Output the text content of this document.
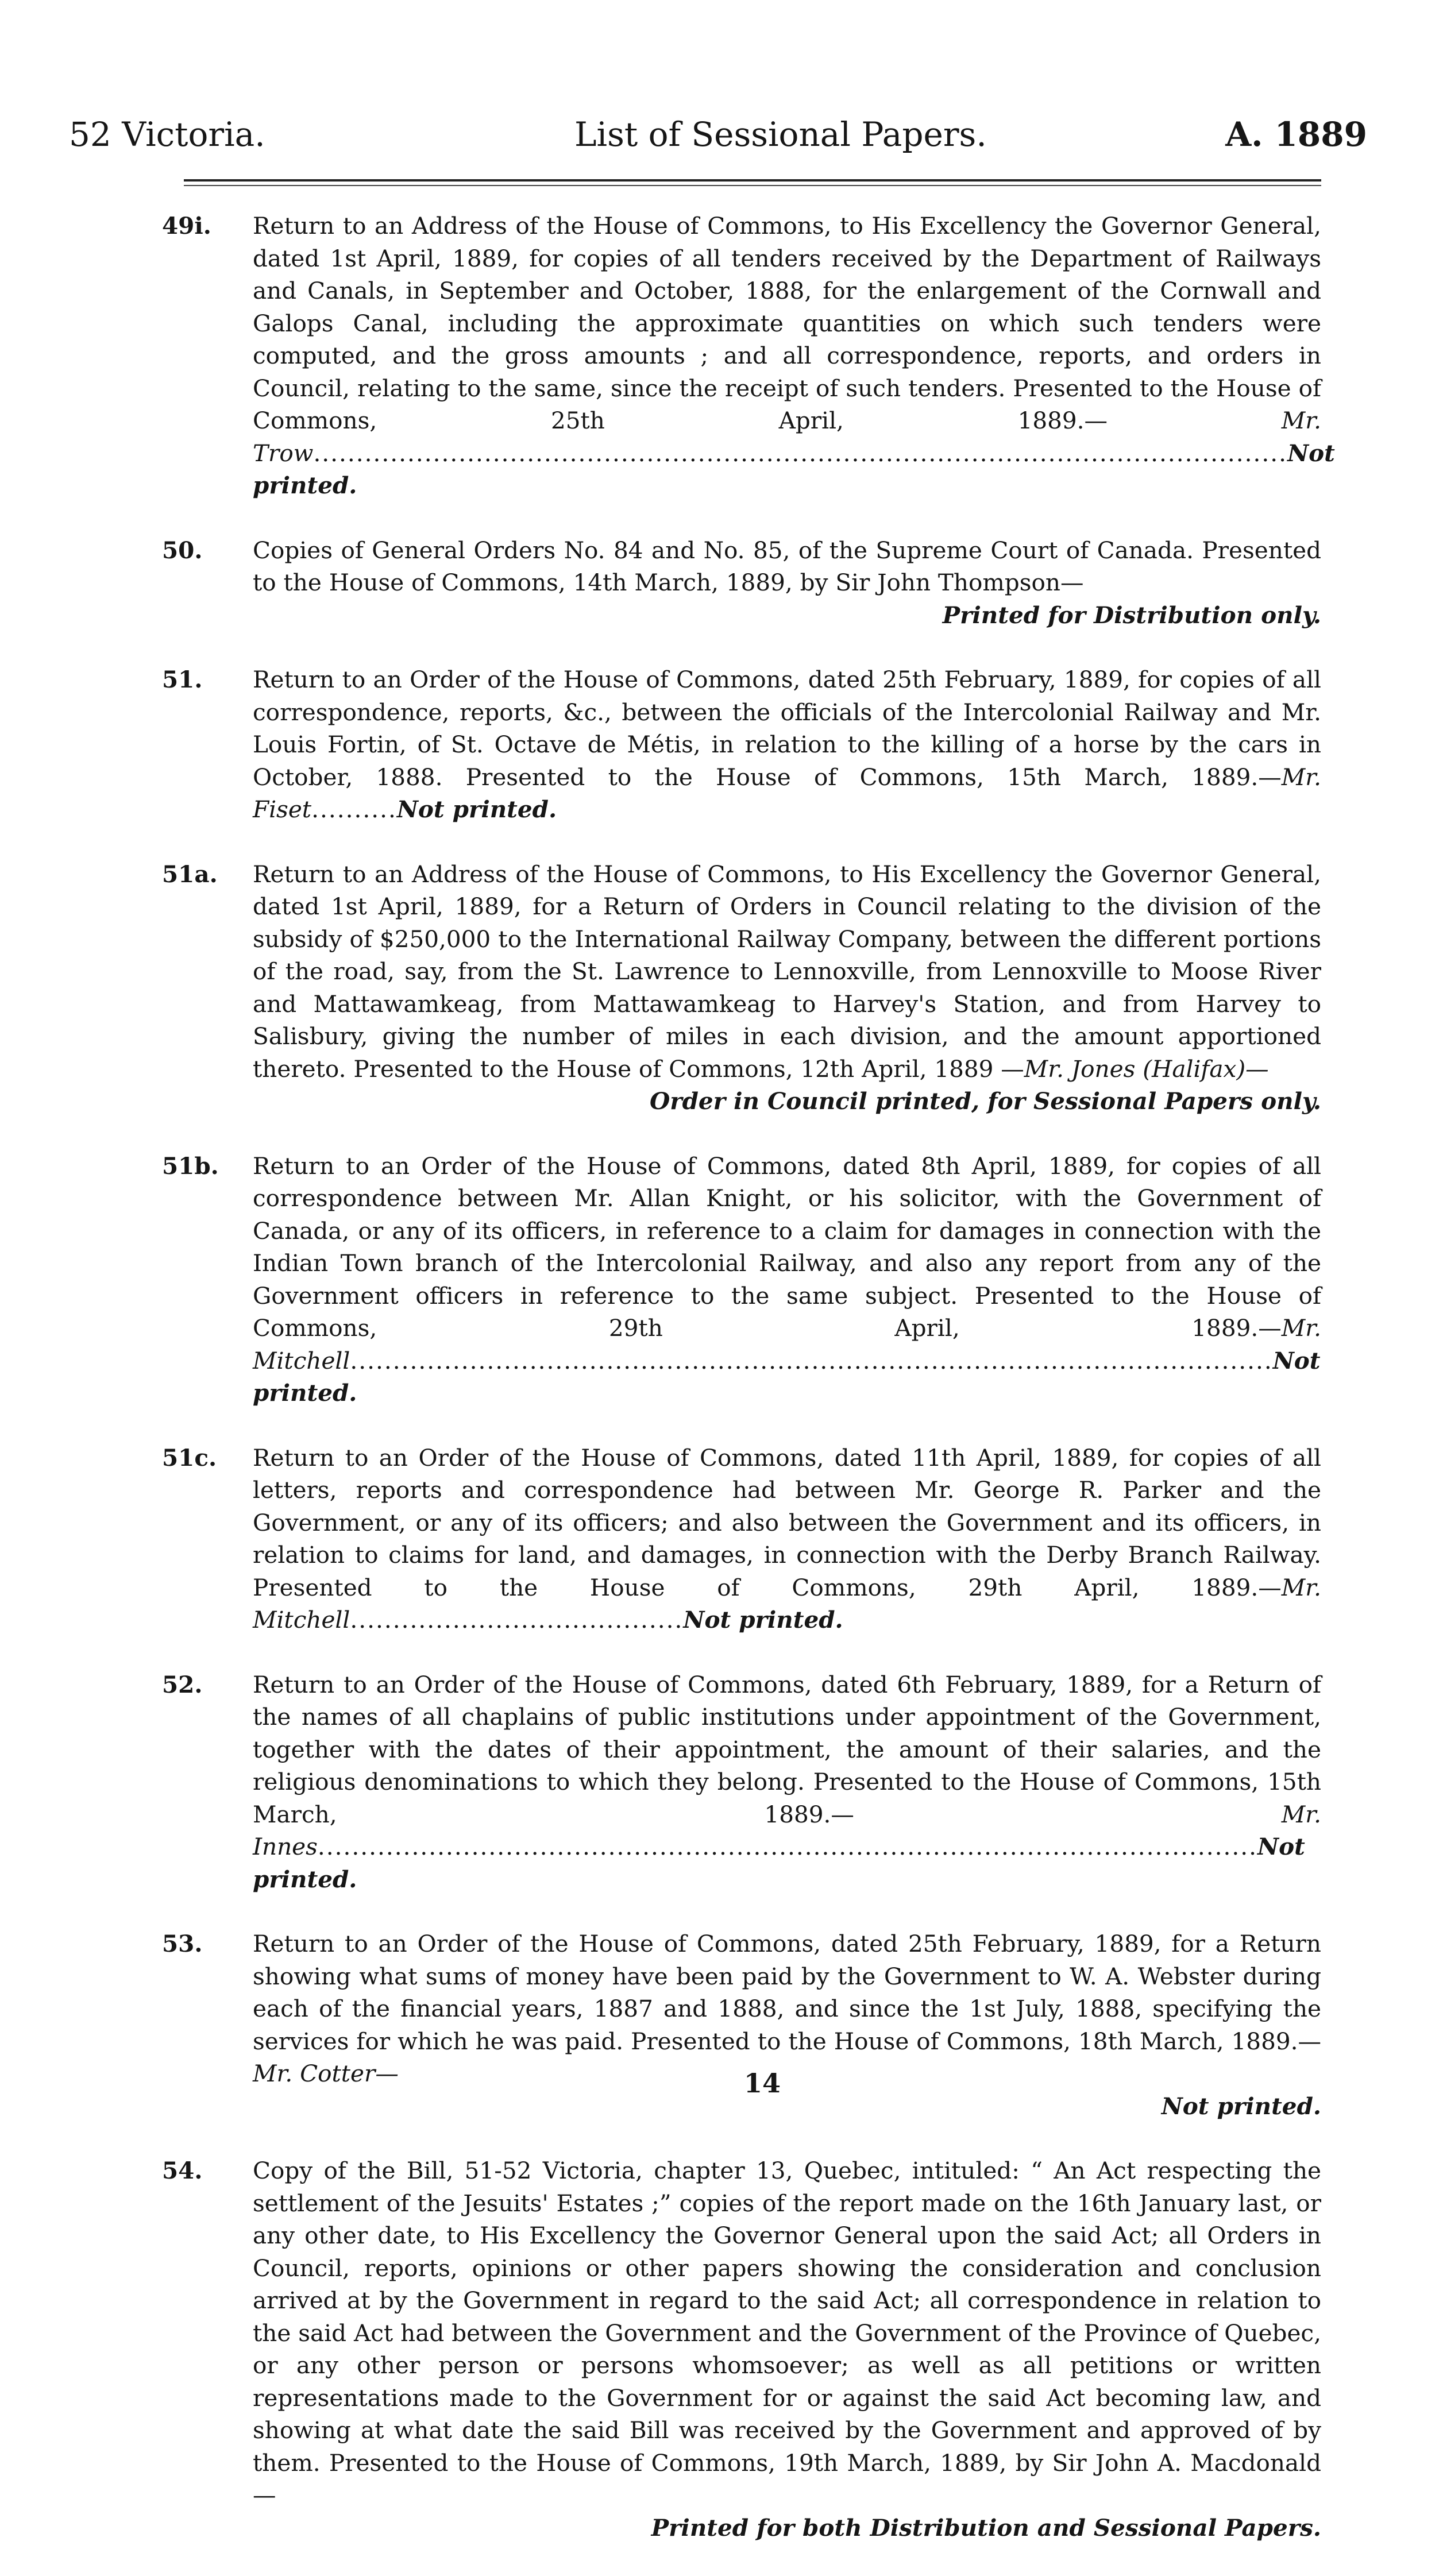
52 Victoria.	List of Sessional Papers.	A. 1889
49i.	Return to an Address of the House of Commons, to His Excellency the Governor General, dated 1st April, 1889, for copies of all tenders received by the Department of Railways and Canals, in September and October, 1888, for the enlargement of the Cornwall and Galops Canal, including the approximate quantities on which such tenders were computed, and the gross amounts ; and all correspondence, reports, and orders in Council, relating to the same, since the receipt of such tenders. Presented to the House of Commons, 25th April, 1889.—	Mr. Trow..................................................................................................................Not printed.

50.	Copies of General Orders No. 84 and No. 85, of the Supreme Court of Canada. Presented to the House of Commons, 14th March, 1889, by Sir John Thompson—

Printed for Distribution only.
51.	Return to an Order of the House of Commons, dated 25th February, 1889, for copies of all correspondence, reports, &c., between the officials of the Intercolonial Railway and Mr. Louis Fortin, of St. Octave de Métis, in relation to the killing of a horse by the cars in October, 1888. Presented to the House of Commons, 15th March, 1889.—Mr. Fiset..........Not printed.

51a.	Return to an Address of the House of Commons, to His Excellency the Governor General, dated 1st April, 1889, for a Return of Orders in Council relating to the division of the subsidy of $250,000 to the International Railway Company, between the different portions of the road, say, from the St. Lawrence to Lennoxville, from Lennoxville to Moose River and Mattawamkeag, from Mattawamkeag to Harvey's Station, and from Harvey to Salisbury, giving the number of miles in each division, and the amount apportioned thereto. Presented to the House of Commons, 12th April, 1889 —Mr. Jones (Halifax)—

Order in Council printed, for Sessional Papers only.
51b.	Return to an Order of the House of Commons, dated 8th April, 1889, for copies of all correspondence between Mr. Allan Knight, or his solicitor, with the Government of Canada, or any of its officers, in reference to a claim for damages in connection with the Indian Town branch of the Intercolonial Railway, and also any report from any of the Government officers in reference to the same subject. Presented to the House of Commons, 29th April, 1889.—Mr. Mitchell............................................................................................................Not printed.

51c.	Return to an Order of the House of Commons, dated 11th April, 1889, for copies of all letters, reports and correspondence had between Mr. George R. Parker and the Government, or any of its officers; and also between the Government and its officers, in relation to claims for land, and damages, in connection with the Derby Branch Railway. Presented to the House of Commons, 29th April, 1889.—Mr. Mitchell.......................................Not printed.

52.	Return to an Order of the House of Commons, dated 6th February, 1889, for a Return of the names of all chaplains of public institutions under appointment of the Government, together with the dates of their appointment, the amount of their salaries, and the religious denominations to which they belong. Presented to the House of Commons, 15th March, 1889.—	Mr. Innes..............................................................................................................Not printed.

53.	Return to an Order of the House of Commons, dated 25th February, 1889, for a Return showing what sums of money have been paid by the Government to W. A. Webster during each of the financial years, 1887 and 1888, and since the 1st July, 1888, specifying the services for which he was paid. Presented to the House of Commons, 18th March, 1889.—Mr. Cotter—

Not printed.
54.	Copy of the Bill, 51-52 Victoria, chapter 13, Quebec, intituled: “ An Act respecting the settlement of the Jesuits' Estates ;” copies of the report made on the 16th January last, or any other date, to His Excellency the Governor General upon the said Act; all Orders in Council, reports, opinions or other papers showing the consideration and conclusion arrived at by the Government in regard to the said Act; all correspondence in relation to the said Act had between the Government and the Government of the Province of Quebec, or any other person or persons whomsoever; as well as all petitions or written representations made to the Government for or against the said Act becoming law, and showing at what date the said Bill was received by the Government and approved of by them. Presented to the House of Commons, 19th March, 1889, by Sir John A. Macdonald—

Printed for both Distribution and Sessional Papers.
14
